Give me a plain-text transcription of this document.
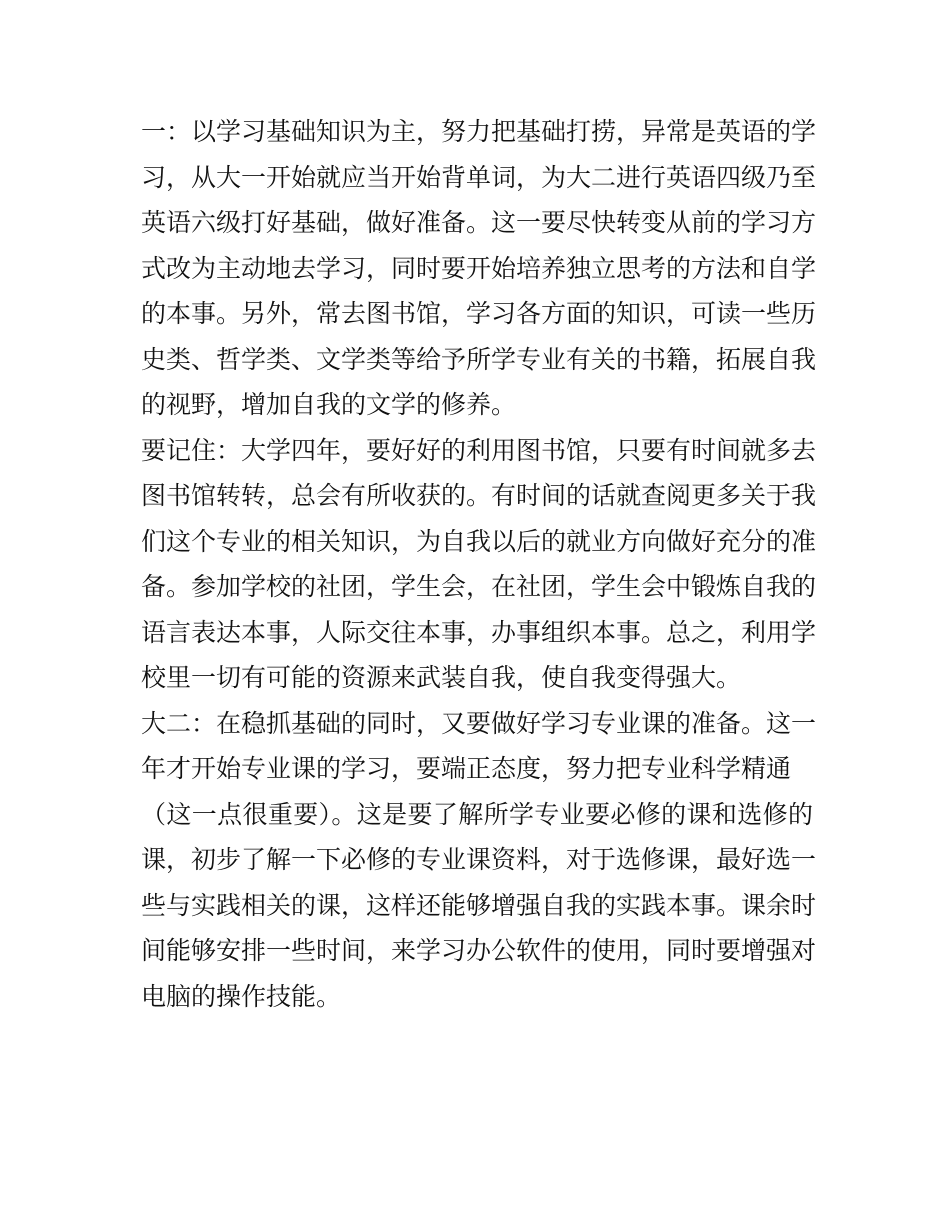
一：以学习基础知识为主，努力把基础打捞，异常是英语的学
习，从大一开始就应当开始背单词，为大二进行英语四级乃至
英语六级打好基础，做好准备。这一要尽快转变从前的学习方
式改为主动地去学习，同时要开始培养独立思考的方法和自学
的本事。另外，常去图书馆，学习各方面的知识，可读一些历
史类、哲学类、文学类等给予所学专业有关的书籍，拓展自我
的视野，增加自我的文学的修养。
要记住：大学四年，要好好的利用图书馆，只要有时间就多去
图书馆转转，总会有所收获的。有时间的话就查阅更多关于我
们这个专业的相关知识，为自我以后的就业方向做好充分的准
备。参加学校的社团，学生会，在社团，学生会中锻炼自我的
语言表达本事，人际交往本事，办事组织本事。总之，利用学
校里一切有可能的资源来武装自我，使自我变得强大。
大二：在稳抓基础的同时，又要做好学习专业课的准备。这一
年才开始专业课的学习，要端正态度，努力把专业科学精通
（这一点很重要）。这是要了解所学专业要必修的课和选修的
课，初步了解一下必修的专业课资料，对于选修课，最好选一
些与实践相关的课，这样还能够增强自我的实践本事。课余时
间能够安排一些时间，来学习办公软件的使用，同时要增强对
电脑的操作技能。
